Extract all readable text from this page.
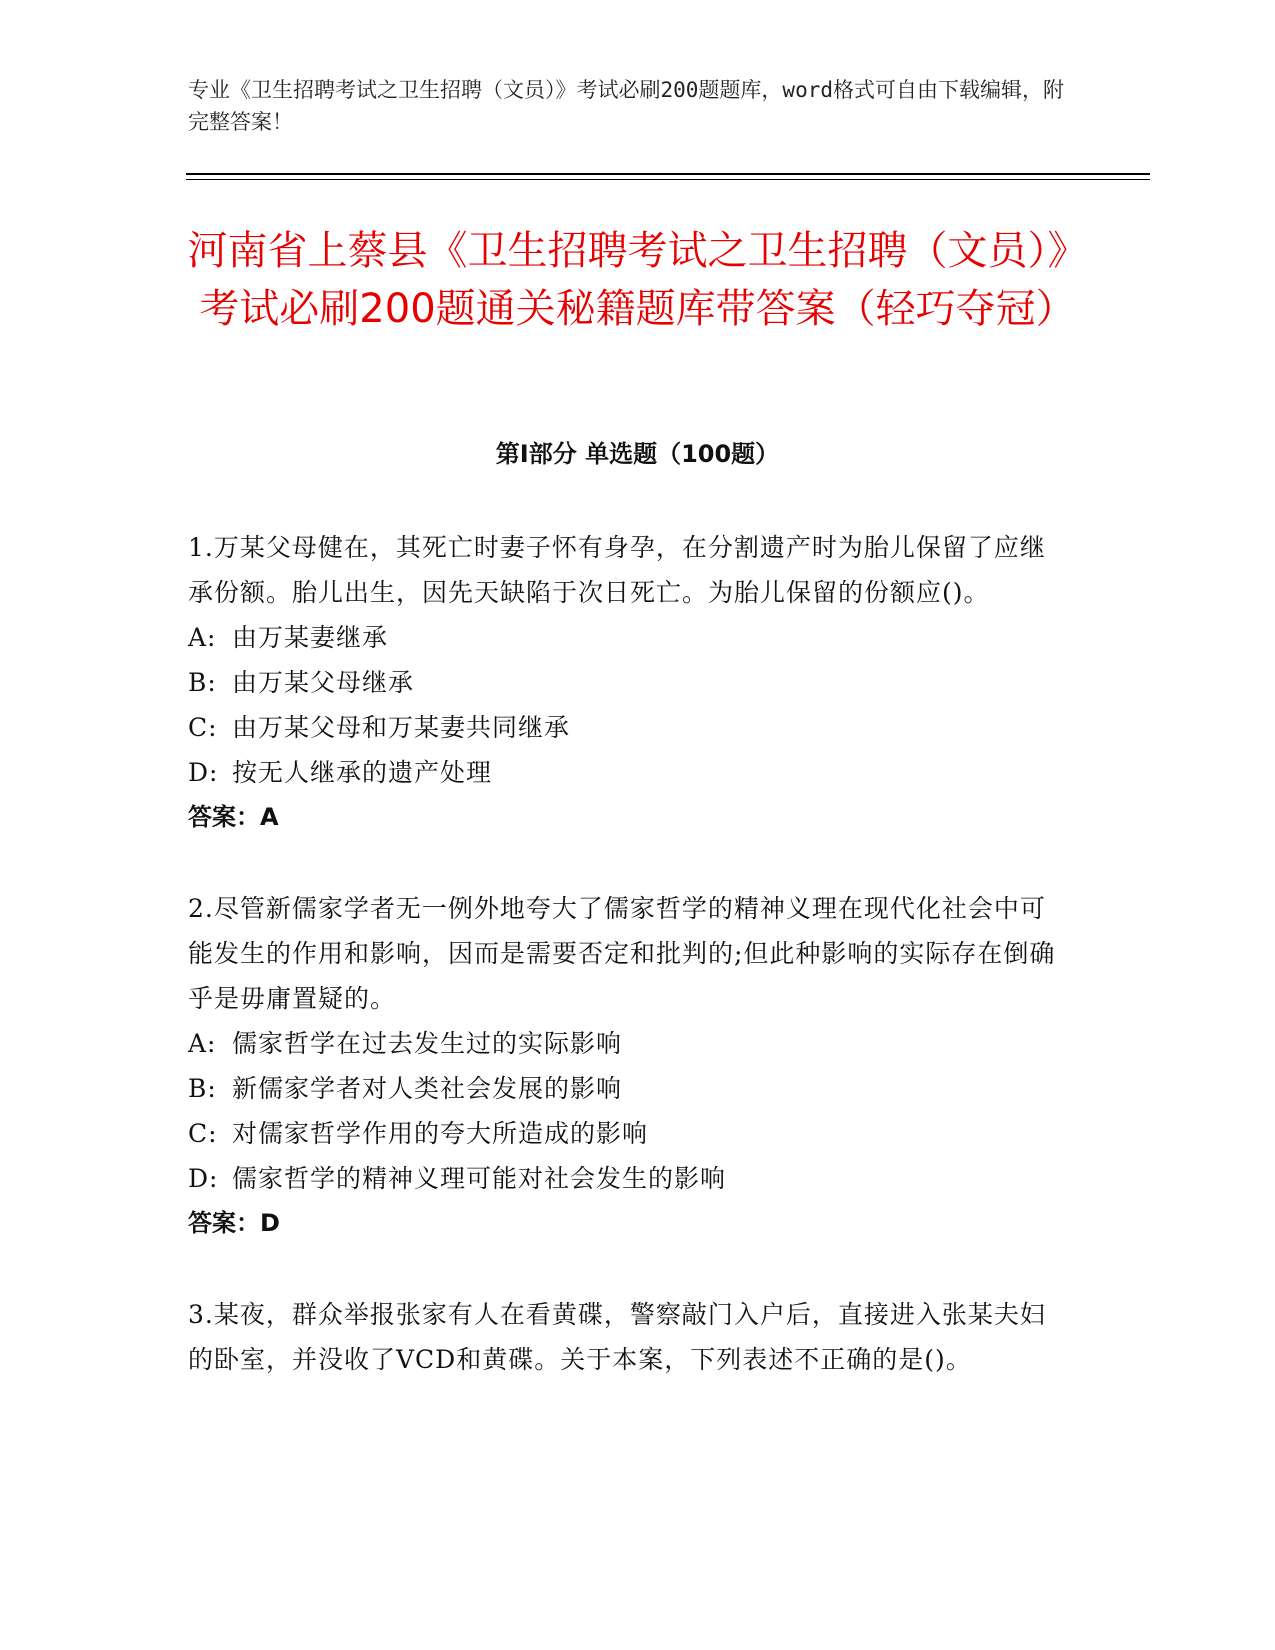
专业《卫生招聘考试之卫生招聘（文员）》考试必刷200题题库，word格式可自由下载编辑，附完整答案！
河南省上蔡县《卫生招聘考试之卫生招聘（文员）》考试必刷200题通关秘籍题库带答案（轻巧夺冠）
第Ⅰ部分 单选题（100题）
1.万某父母健在，其死亡时妻子怀有身孕，在分割遗产时为胎儿保留了应继承份额。胎儿出生，因先天缺陷于次日死亡。为胎儿保留的份额应()。
A: 由万某妻继承
B: 由万某父母继承
C: 由万某父母和万某妻共同继承
D: 按无人继承的遗产处理
答案：A
2.尽管新儒家学者无一例外地夸大了儒家哲学的精神义理在现代化社会中可能发生的作用和影响，因而是需要否定和批判的;但此种影响的实际存在倒确乎是毋庸置疑的。
A: 儒家哲学在过去发生过的实际影响
B: 新儒家学者对人类社会发展的影响
C: 对儒家哲学作用的夸大所造成的影响
D: 儒家哲学的精神义理可能对社会发生的影响
答案：D
3.某夜，群众举报张家有人在看黄碟，警察敲门入户后，直接进入张某夫妇的卧室，并没收了VCD和黄碟。关于本案，下列表述不正确的是()。
